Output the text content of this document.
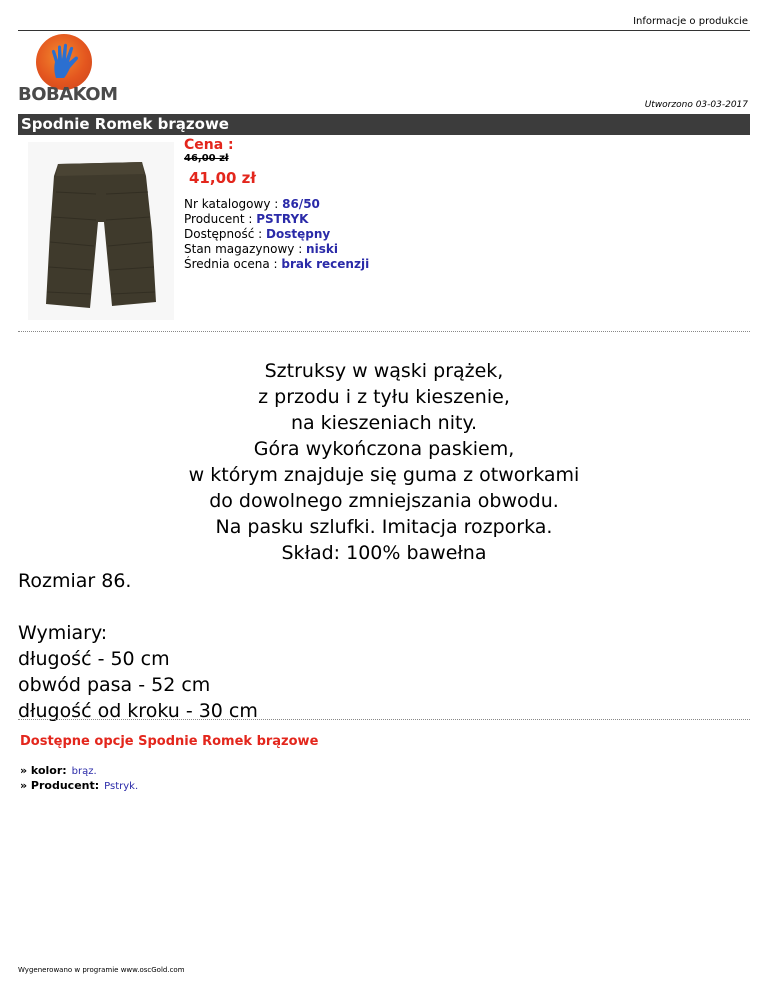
Informacje o produkcie
BOBAKOM	Utworzono 03-03-2017
Spodnie Romek brązowe
Cena :
46,00 zł
41,00 zł
Nr katalogowy : 86/50
Producent : PSTRYK
Dostępność : Dostępny
Stan magazynowy : niski
Średnia ocena : brak recenzji
Sztruksy w wąski prążek,
z przodu i z tyłu kieszenie,
na kieszeniach nity.
Góra wykończona paskiem,
w którym znajduje się guma z otworkami
do dowolnego zmniejszania obwodu.
Na pasku szlufki. Imitacja rozporka.
Skład: 100% bawełna
Rozmiar 86.
Wymiary:
długość - 50 cm
obwód pasa - 52 cm
długość od kroku - 30 cm
Dostępne opcje Spodnie Romek brązowe
» kolor: brąz.
» Producent: Pstryk.
Wygenerowano w programie www.oscGold.com
